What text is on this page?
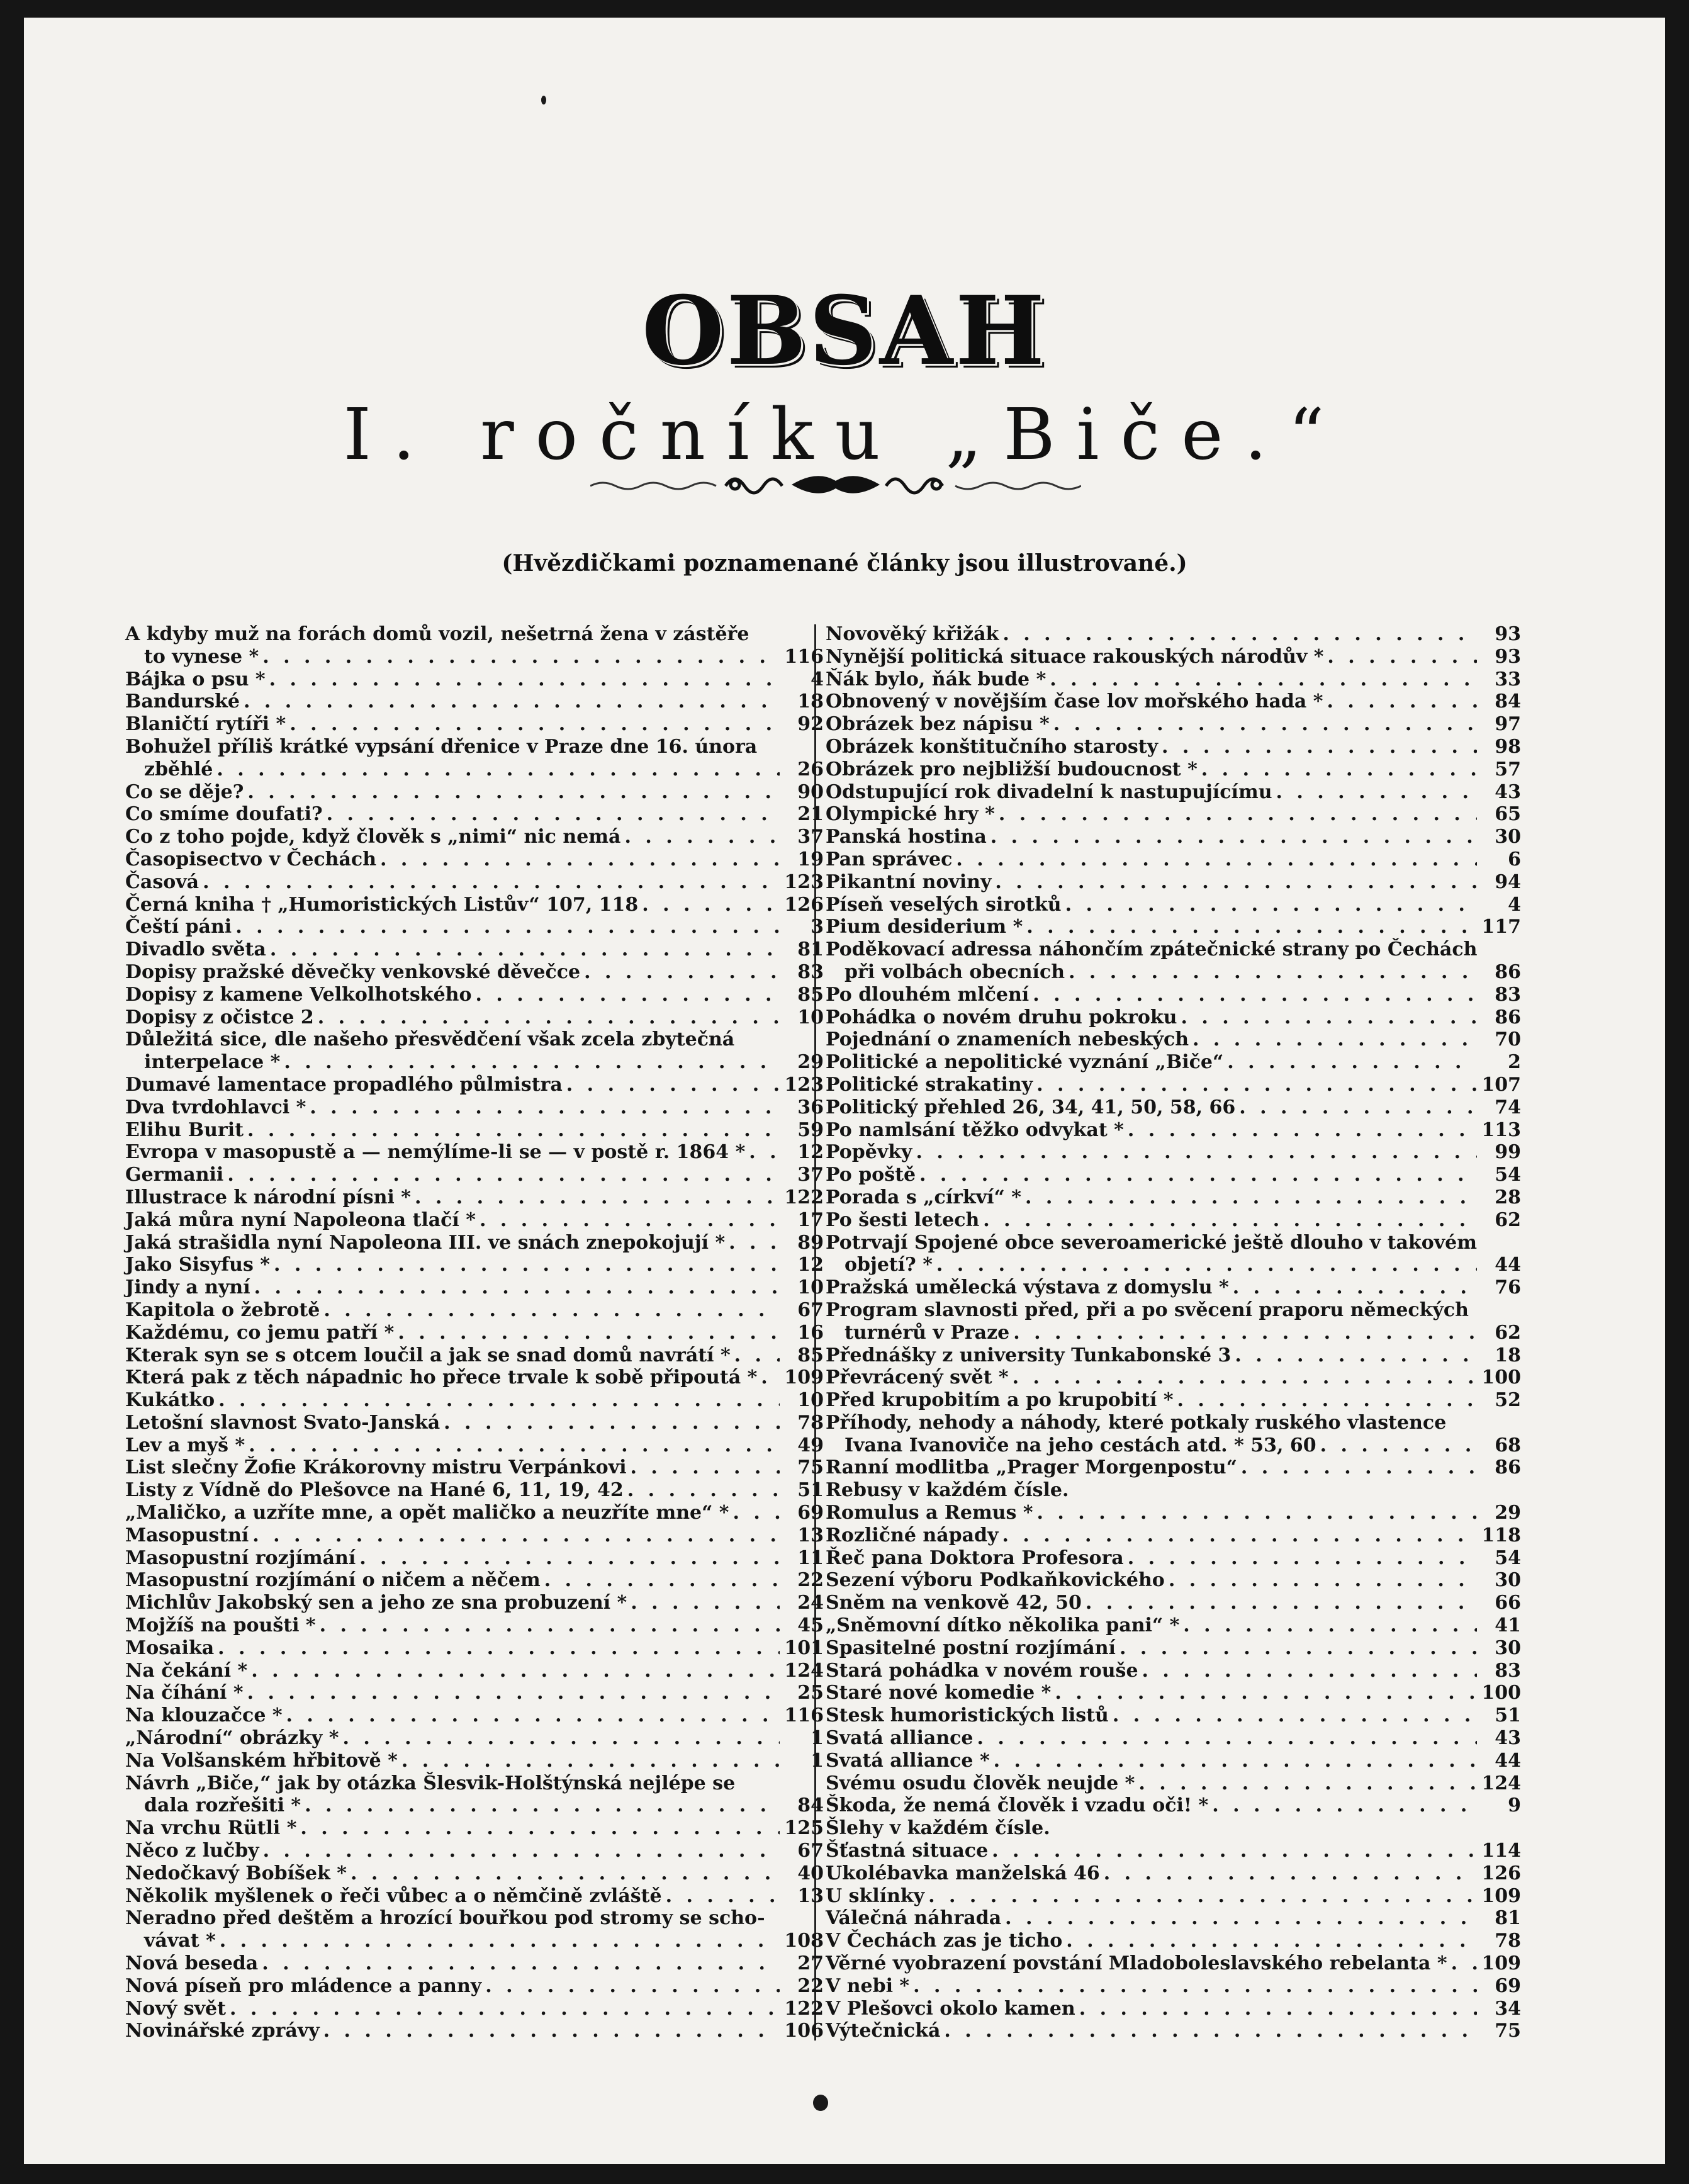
OBSAH
I. ročníku „Biče.“
(Hvězdičkami poznamenané články jsou illustrované.)
A kdyby muž na forách domů vozil, nešetrná žena v zástěře
to vynese * . . .	116
Bájka o psu * . . .	4
Bandurské . . .	18
Blaničtí rytíři * . . .	92
Bohužel příliš krátké vypsání dřenice v Praze dne 16. února
zběhlé . . .	26
Co se děje? . . .	90
Co smíme doufati? . . .	21
Co z toho pojde, když člověk s „nimi“ nic nemá . . .	37
Časopisectvo v Čechách . . .	19
Časová . . .	123
Černá kniha † „Humoristických Listův“ 107, 118 . . .	126
Čeští páni . . .	3
Divadlo světa . . .	81
Dopisy pražské děvečky venkovské děvečce . . .	83
Dopisy z kamene Velkolhotského . . .	85
Dopisy z očistce 2 . . .	10
Důležitá sice, dle našeho přesvědčení však zcela zbytečná
interpelace * . . .	29
Dumavé lamentace propadlého půlmistra . . .	123
Dva tvrdohlavci * . . .	36
Elihu Burit . . .	59
Evropa v masopustě a — nemýlíme-li se — v postě r. 1864 * . . .	12
Germanii . . .	37
Illustrace k národní písni * . . .	122
Jaká můra nyní Napoleona tlačí * . . .	17
Jaká strašidla nyní Napoleona III. ve snách znepokojují * . . .	89
Jako Sisyfus * . . .	12
Jindy a nyní . . .	10
Kapitola o žebrotě . . .	67
Každému, co jemu patří * . . .	16
Kterak syn se s otcem loučil a jak se snad domů navrátí * . . .	85
Která pak z těch nápadnic ho přece trvale k sobě připoutá * . . . 109
Kukátko . . .	10
Letošní slavnost Svato-Janská . . .	78
Lev a myš * . . .	49
List slečny Žofie Krákorovny mistru Verpánkovi . . .	75
Listy z Vídně do Plešovce na Hané 6, 11, 19, 42 . . .	51
„Maličko, a uzříte mne, a opět maličko a neuzříte mne“ * . . .	69
Masopustní . . .	13
Masopustní rozjímání . . .	11
Masopustní rozjímání o ničem a něčem . . .	22
Michlův Jakobský sen a jeho ze sna probuzení * . . .	24
Mojžíš na poušti * . . .	45
Mosaika . . .	101
Na čekání * . . .	124
Na číhání * . . .	25
Na klouzačce * . . .	116
„Národní“ obrázky * . . .	1
Na Volšanském hřbitově * . . .	1
Návrh „Biče,“ jak by otázka Šlesvik-Holštýnská nejlépe se
dala rozřešiti * . . .	84
Na vrchu Rütli * . . .	125
Něco z lučby . . .	67
Nedočkavý Bobíšek * . . .	40
Několik myšlenek o řeči vůbec a o němčině zvláště . . .	13
Neradno před deštěm a hrozící bouřkou pod stromy se scho-
vávat * . . .	108
Nová beseda . . .	27
Nová píseň pro mládence a panny . . .	22
Nový svět . . .	122
Novinářské zprávy . . .	106
Novověký křižák . . .	93
Nynější politická situace rakouských národův * . . .	93
Ňák bylo, ňák bude * . . .	33
Obnovený v novějším čase lov mořského hada * . . .	84
Obrázek bez nápisu * . . .	97
Obrázek konštitučního starosty . . .	98
Obrázek pro nejbližší budoucnost * . . .	57
Odstupující rok divadelní k nastupujícímu . . .	43
Olympické hry * . . .	65
Panská hostina . . .	30
Pan správec . . .	6
Pikantní noviny . . .	94
Píseň veselých sirotků . . .	4
Pium desiderium * . . .	117
Poděkovací adressa náhončím zpátečnické strany po Čechách
při volbách obecních . . .	86
Po dlouhém mlčení . . .	83
Pohádka o novém druhu pokroku . . .	86
Pojednání o znameních nebeských . . .	70
Politické a nepolitické vyznání „Biče“ . . .	2
Politické strakatiny . . .	107
Politický přehled 26, 34, 41, 50, 58, 66 . . .	74
Po namlsání těžko odvykat * . . .	113
Popěvky . . .	99
Po poště . . .	54
Porada s „církví“ * . . .	28
Po šesti letech . . .	62
Potrvají Spojené obce severoamerické ještě dlouho v takovém
objetí? * . . .	44
Pražská umělecká výstava z domyslu * . . .	76
Program slavnosti před, při a po svěcení praporu německých
turnérů v Praze . . .	62
Přednášky z university Tunkabonské 3 . . .	18
Převrácený svět * . . .	100
Před krupobitím a po krupobití * . . .	52
Příhody, nehody a náhody, které potkaly ruského vlastence
Ivana Ivanoviče na jeho cestách atd. * 53, 60 . . .	68
Ranní modlitba „Prager Morgenpostu“ . . .	86
Rebusy v každém čísle.
Romulus a Remus * . . .	29
Rozličné nápady . . .	118
Řeč pana Doktora Profesora . . .	54
Sezení výboru Podkaňkovického . . .	30
Sněm na venkově 42, 50 . . .	66
„Sněmovní dítko několika pani“ * . . .	41
Spasitelné postní rozjímání . . .	30
Stará pohádka v novém rouše . . .	83
Staré nové komedie * . . .	100
Stesk humoristických listů . . .	51
Svatá alliance . . .	43
Svatá alliance * . . .	44
Svému osudu člověk neujde * . . .	124
Škoda, že nemá člověk i vzadu oči! * . . .	9
Šlehy v každém čísle.
Šťastná situace . . .	114
Ukolébavka manželská 46 . . .	126
U sklínky . . .	109
Válečná náhrada . . .	81
V Čechách zas je ticho . . .	78
Věrné vyobrazení povstání Mladoboleslavského rebelanta * . . . 109
V nebi * . . .	69
V Plešovci okolo kamen . . .	34
Výtečnická . . .	75
